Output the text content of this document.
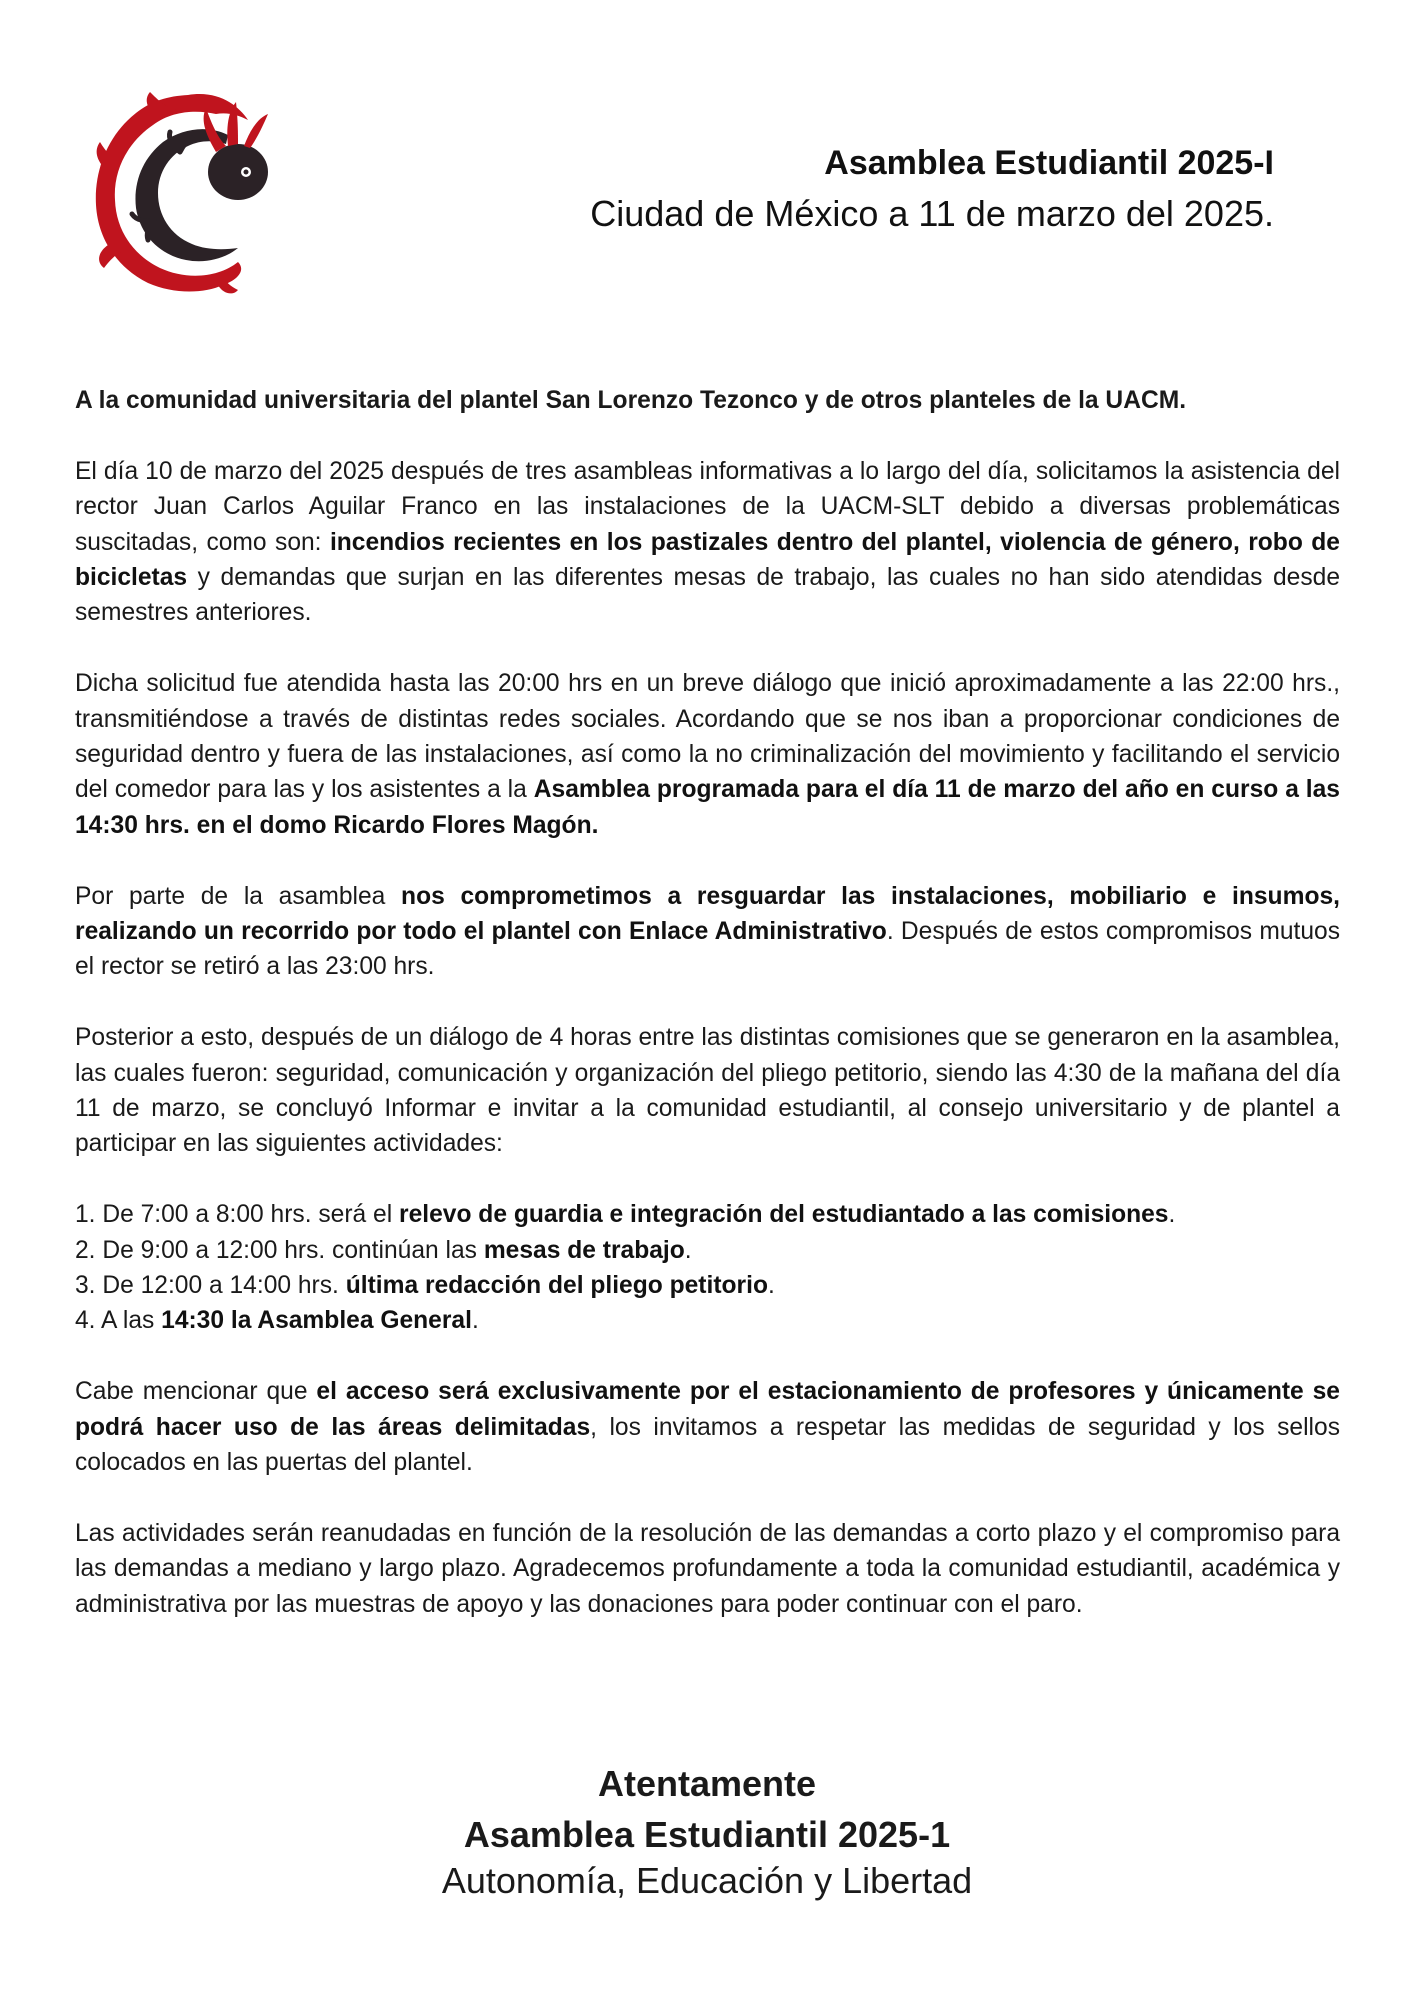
Asamblea Estudiantil 2025-I
Ciudad de México a 11 de marzo del 2025.

A la comunidad universitaria del plantel San Lorenzo Tezonco y de otros planteles de la UACM.

El día 10 de marzo del 2025 después de tres asambleas informativas a lo largo del día, solicitamos la asistencia del rector Juan Carlos Aguilar Franco en las instalaciones de la UACM-SLT debido a diversas problemáticas suscitadas, como son: incendios recientes en los pastizales dentro del plantel, violencia de género, robo de bicicletas y demandas que surjan en las diferentes mesas de trabajo, las cuales no han sido atendidas desde semestres anteriores.

Dicha solicitud fue atendida hasta las 20:00 hrs en un breve diálogo que inició aproximadamente a las 22:00 hrs., transmitiéndose a través de distintas redes sociales. Acordando que se nos iban a proporcionar condiciones de seguridad dentro y fuera de las instalaciones, así como la no criminalización del movimiento y facilitando el servicio del comedor para las y los asistentes a la Asamblea programada para el día 11 de marzo del año en curso a las 14:30 hrs. en el domo Ricardo Flores Magón.

Por parte de la asamblea nos comprometimos a resguardar las instalaciones, mobiliario e insumos, realizando un recorrido por todo el plantel con Enlace Administrativo. Después de estos compromisos mutuos el rector se retiró a las 23:00 hrs.

Posterior a esto, después de un diálogo de 4 horas entre las distintas comisiones que se generaron en la asamblea, las cuales fueron: seguridad, comunicación y organización del pliego petitorio, siendo las 4:30 de la mañana del día 11 de marzo, se concluyó Informar e invitar a la comunidad estudiantil, al consejo universitario y de plantel a participar en las siguientes actividades:

1. De 7:00 a 8:00 hrs. será el relevo de guardia e integración del estudiantado a las comisiones.
2. De 9:00 a 12:00 hrs. continúan las mesas de trabajo.
3. De 12:00 a 14:00 hrs. última redacción del pliego petitorio.
4. A las 14:30 la Asamblea General.

Cabe mencionar que el acceso será exclusivamente por el estacionamiento de profesores y únicamente se podrá hacer uso de las áreas delimitadas, los invitamos a respetar las medidas de seguridad y los sellos colocados en las puertas del plantel.

Las actividades serán reanudadas en función de la resolución de las demandas a corto plazo y el compromiso para las demandas a mediano y largo plazo. Agradecemos profundamente a toda la comunidad estudiantil, académica y administrativa por las muestras de apoyo y las donaciones para poder continuar con el paro.

Atentamente
Asamblea Estudiantil 2025-1
Autonomía, Educación y Libertad
